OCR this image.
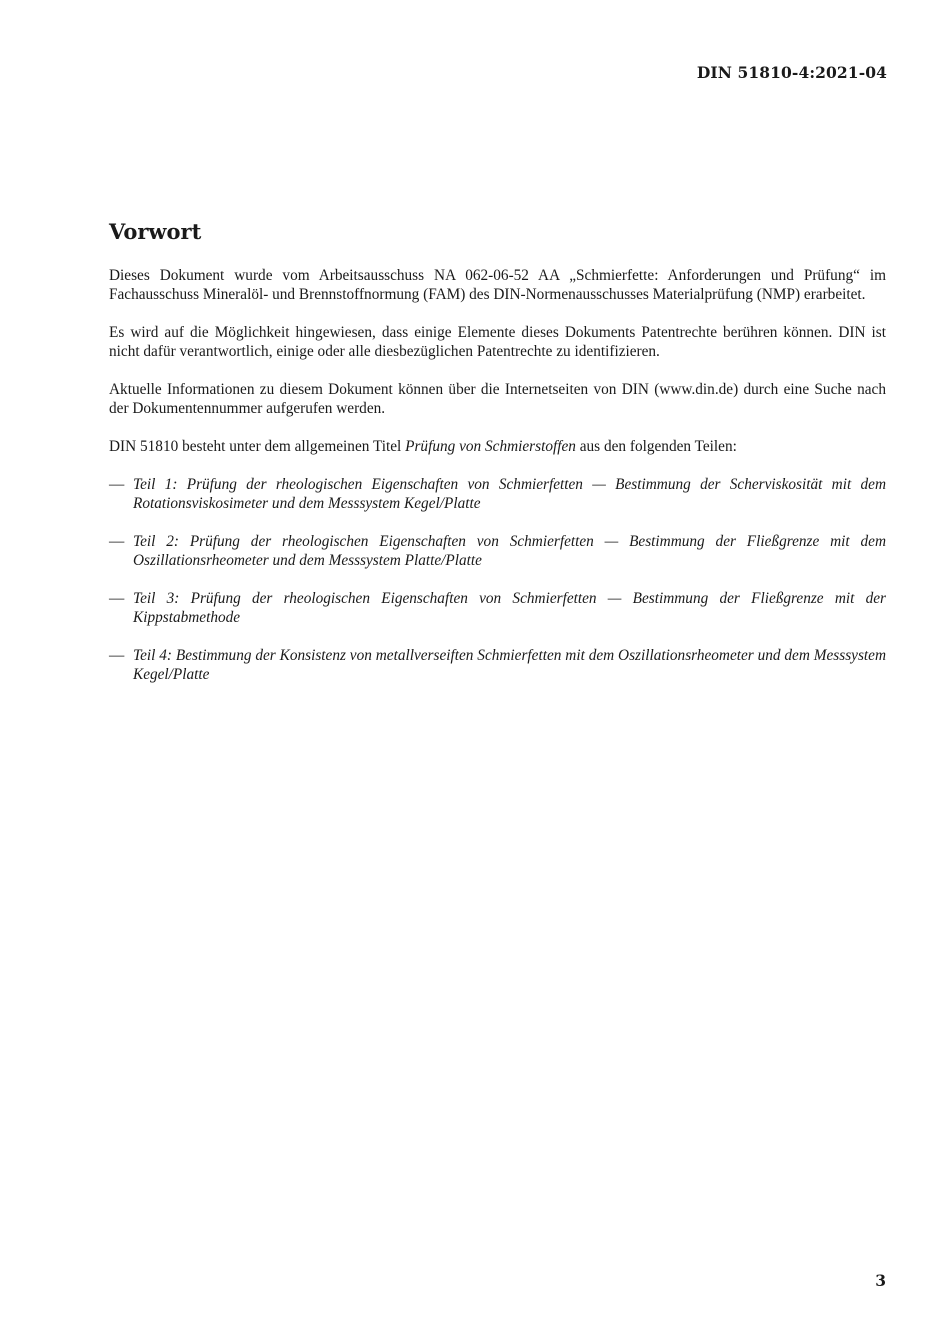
DIN 51810-4:2021-04
Vorwort

Dieses Dokument wurde vom Arbeitsausschuss NA 062-06-52 AA „Schmierfette: Anforderungen und Prüfung“ im Fachausschuss Mineralöl- und Brennstoffnormung (FAM) des DIN-Normenausschusses Materialprüfung (NMP) erarbeitet.

Es wird auf die Möglichkeit hingewiesen, dass einige Elemente dieses Dokuments Patentrechte berühren können. DIN ist nicht dafür verantwortlich, einige oder alle diesbezüglichen Patentrechte zu identifizieren.

Aktuelle Informationen zu diesem Dokument können über die Internetseiten von DIN (www.din.de) durch eine Suche nach der Dokumentennummer aufgerufen werden.

DIN 51810 besteht unter dem allgemeinen Titel Prüfung von Schmierstoffen aus den folgenden Teilen:

— Teil 1: Prüfung der rheologischen Eigenschaften von Schmierfetten — Bestimmung der Scherviskosität mit dem Rotationsviskosimeter und dem Messsystem Kegel/Platte
— Teil 2: Prüfung der rheologischen Eigenschaften von Schmierfetten — Bestimmung der Fließgrenze mit dem Oszillationsrheometer und dem Messsystem Platte/Platte
— Teil 3: Prüfung der rheologischen Eigenschaften von Schmierfetten — Bestimmung der Fließgrenze mit der Kippstabmethode
— Teil 4: Bestimmung der Konsistenz von metallverseiften Schmierfetten mit dem Oszillationsrheometer und dem Messsystem Kegel/Platte
3
